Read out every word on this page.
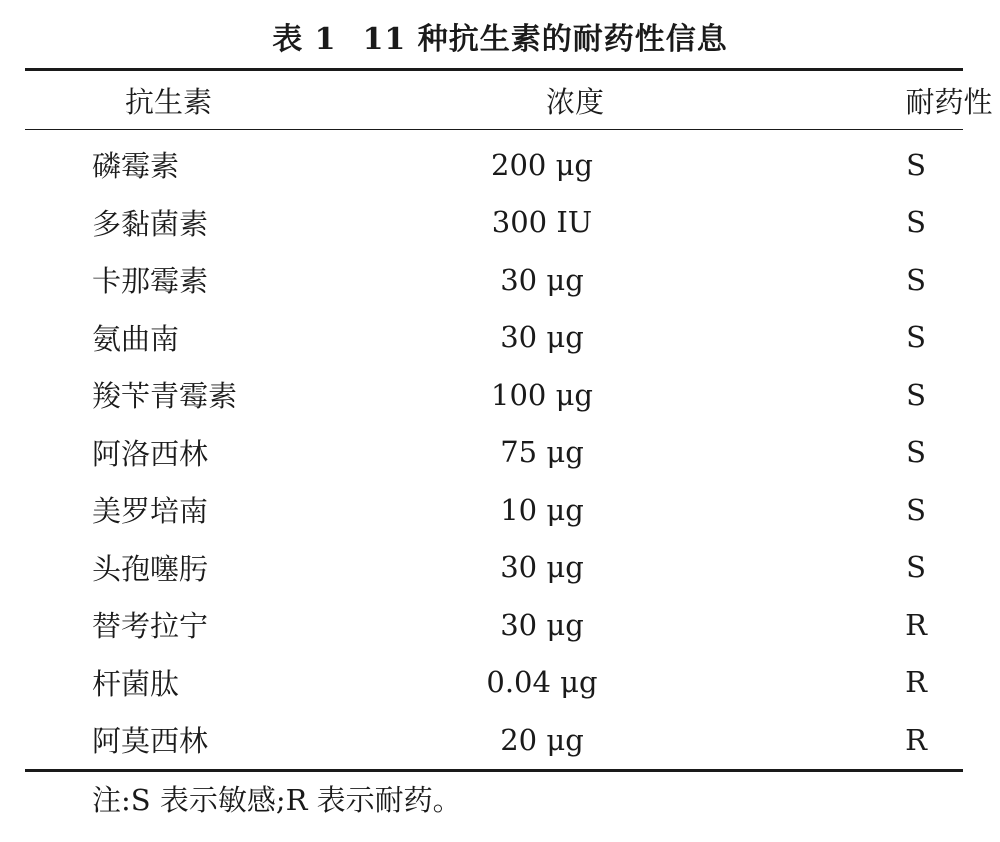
表 1 11 种抗生素的耐药性信息
抗生素	浓度	耐药性
磷霉素	200 μg	S
多黏菌素	300 IU	S
卡那霉素	30 μg	S
氨曲南	30 μg	S
羧苄青霉素	100 μg	S
阿洛西林	75 μg	S
美罗培南	10 μg	S
头孢噻肟	30 μg	S
替考拉宁	30 μg	R
杆菌肽	0.04 μg	R
阿莫西林	20 μg	R
注:S 表示敏感;R 表示耐药。
